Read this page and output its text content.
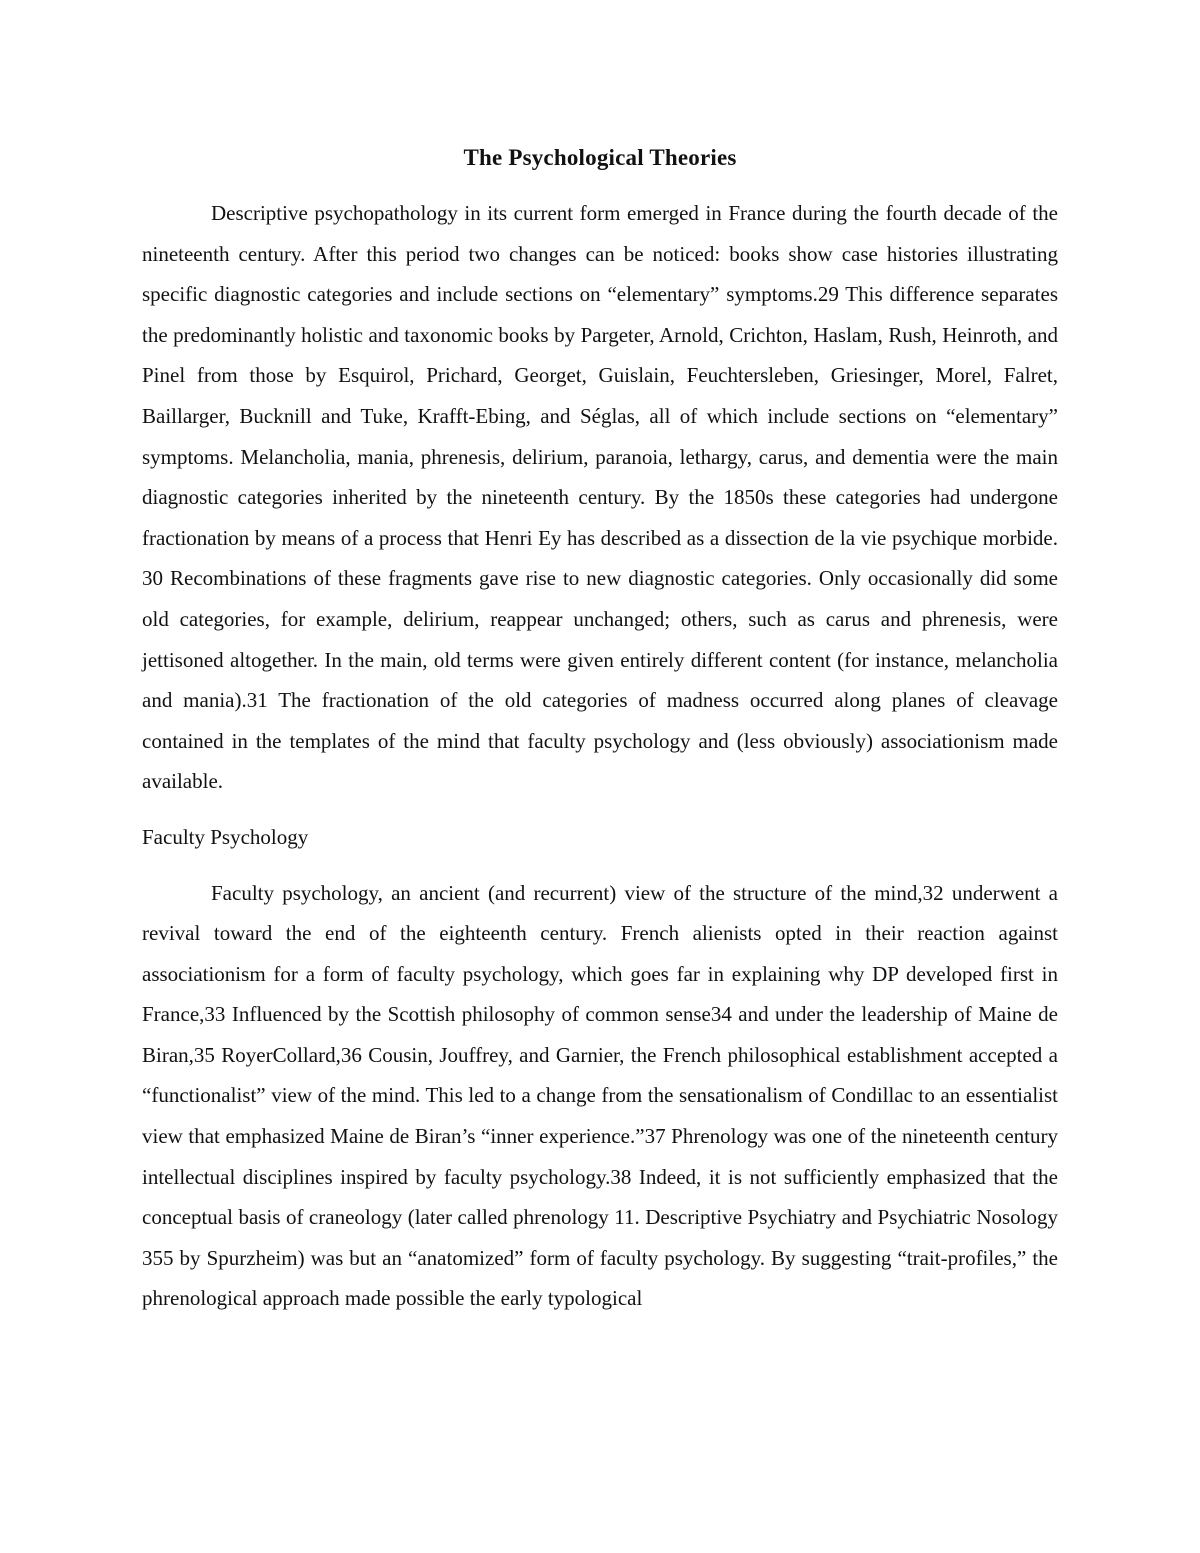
The Psychological Theories

Descriptive psychopathology in its current form emerged in France during the fourth decade of the nineteenth century. After this period two changes can be noticed: books show case histories illustrating specific diagnostic categories and include sections on “elementary” symptoms.29 This difference separates the predominantly holistic and taxonomic books by Pargeter, Arnold, Crichton, Haslam, Rush, Heinroth, and Pinel from those by Esquirol, Prichard, Georget, Guislain, Feuchtersleben, Griesinger, Morel, Falret, Baillarger, Bucknill and Tuke, Krafft-Ebing, and Séglas, all of which include sections on “elementary” symptoms. Melancholia, mania, phrenesis, delirium, paranoia, lethargy, carus, and dementia were the main diagnostic categories inherited by the nineteenth century. By the 1850s these categories had undergone fractionation by means of a process that Henri Ey has described as a dissection de la vie psychique morbide. 30 Recombinations of these fragments gave rise to new diagnostic categories. Only occasionally did some old categories, for example, delirium, reappear unchanged; others, such as carus and phrenesis, were jettisoned altogether. In the main, old terms were given entirely different content (for instance, melancholia and mania).31 The fractionation of the old categories of madness occurred along planes of cleavage contained in the templates of the mind that faculty psychology and (less obviously) associationism made available.

Faculty Psychology

Faculty psychology, an ancient (and recurrent) view of the structure of the mind,32 underwent a revival toward the end of the eighteenth century. French alienists opted in their reaction against associationism for a form of faculty psychology, which goes far in explaining why DP developed first in France,33 Influenced by the Scottish philosophy of common sense34 and under the leadership of Maine de Biran,35 RoyerCollard,36 Cousin, Jouffrey, and Garnier, the French philosophical establishment accepted a “functionalist” view of the mind. This led to a change from the sensationalism of Condillac to an essentialist view that emphasized Maine de Biran’s “inner experience.”37 Phrenology was one of the nineteenth century intellectual disciplines inspired by faculty psychology.38 Indeed, it is not sufficiently emphasized that the conceptual basis of craneology (later called phrenology 11. Descriptive Psychiatry and Psychiatric Nosology 355 by Spurzheim) was but an “anatomized” form of faculty psychology. By suggesting “trait-profiles,” the phrenological approach made possible the early typological
